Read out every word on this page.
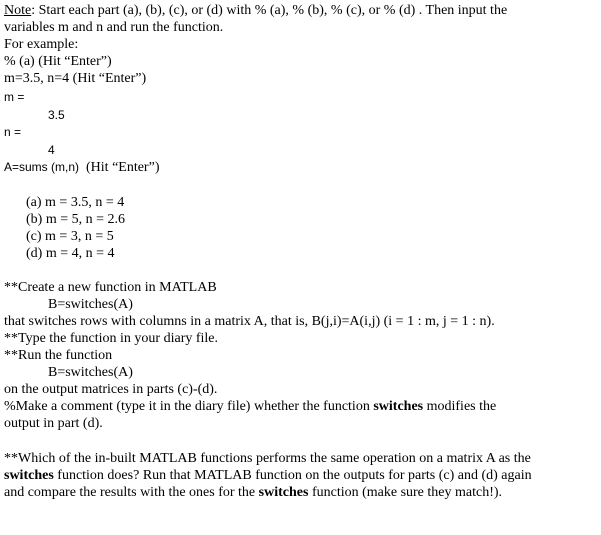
Note: Start each part (a), (b), (c), or (d) with % (a), % (b), % (c), or % (d) . Then input the
variables m and n and run the function.
For example:
% (a) (Hit “Enter”)
m=3.5, n=4 (Hit “Enter”)
m =
3.5
n =
4
A=sums (m,n) (Hit “Enter”)
(a) m = 3.5, n = 4
(b) m = 5, n = 2.6
(c) m = 3, n = 5
(d) m = 4, n = 4
**Create a new function in MATLAB
B=switches(A)
that switches rows with columns in a matrix A, that is, B(j,i)=A(i,j) (i = 1 : m, j = 1 : n).
**Type the function in your diary file.
**Run the function
B=switches(A)
on the output matrices in parts (c)-(d).
%Make a comment (type it in the diary file) whether the function switches modifies the
output in part (d).
**Which of the in-built MATLAB functions performs the same operation on a matrix A as the
switches function does? Run that MATLAB function on the outputs for parts (c) and (d) again
and compare the results with the ones for the switches function (make sure they match!).
